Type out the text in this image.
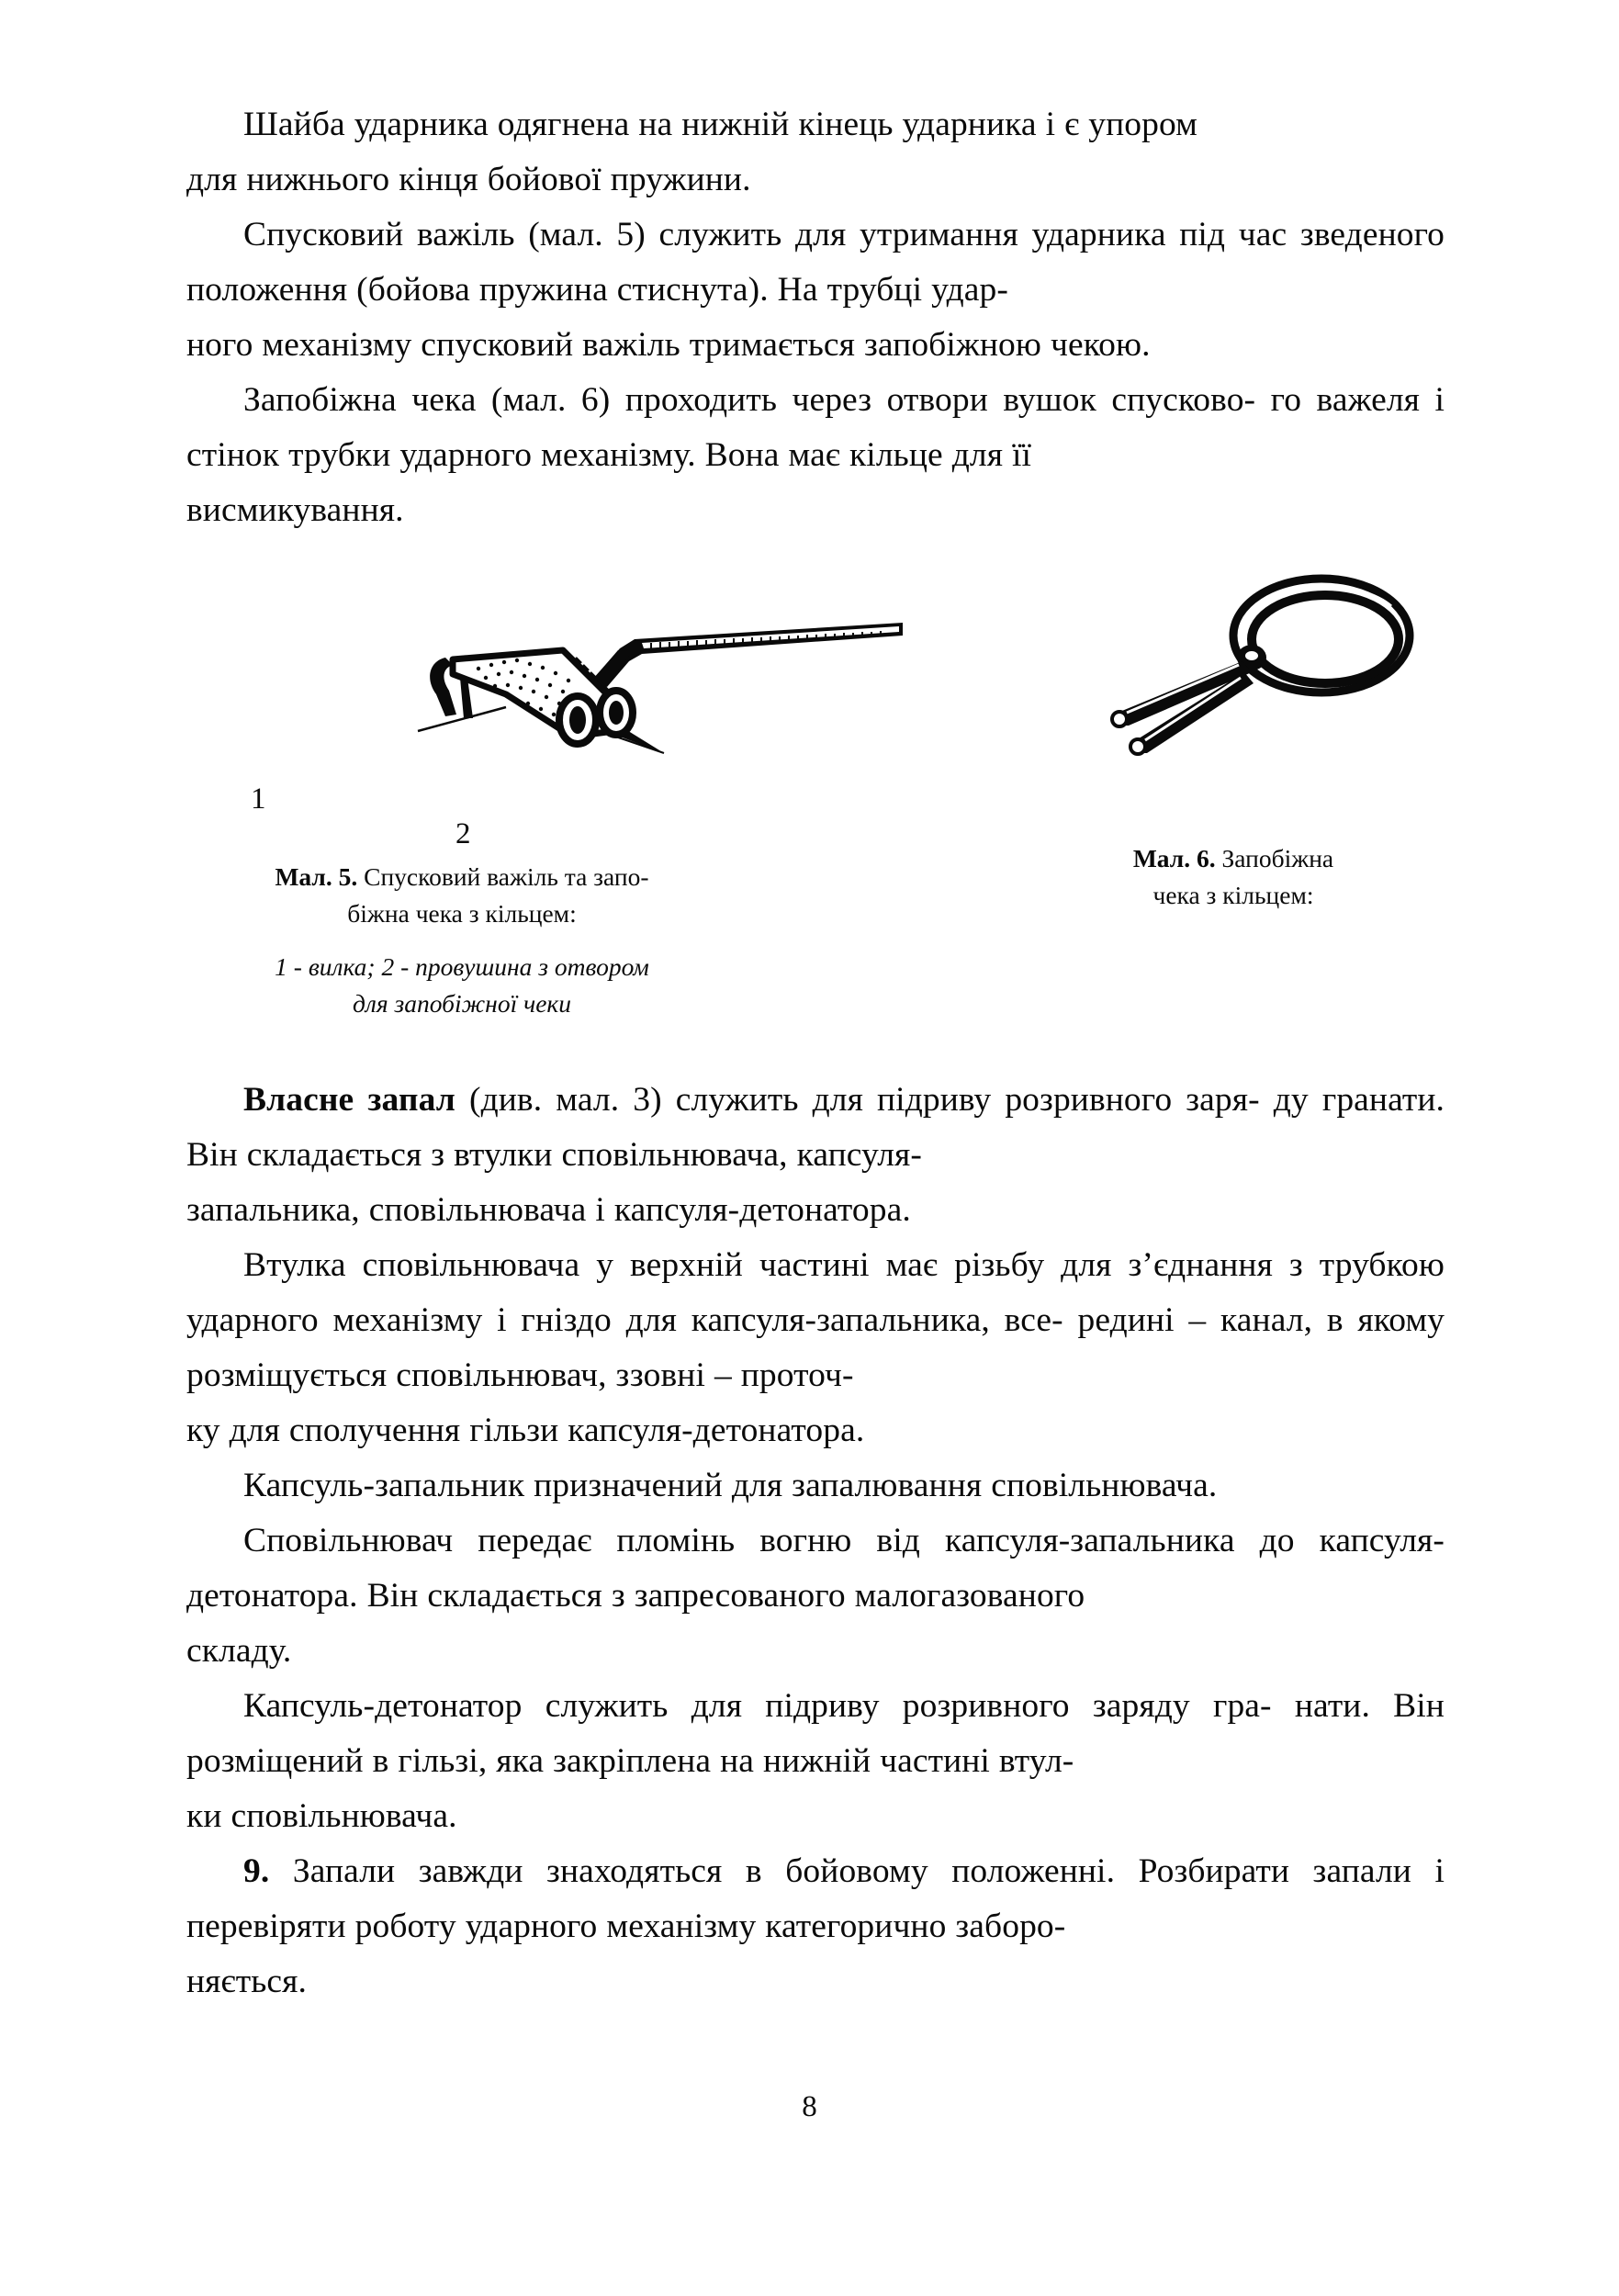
Шайба ударника одягнена на нижній кінець ударника і є упором
для нижнього кінця бойової пружини.

Спусковий важіль (мал. 5) служить для утримання ударника під час зведеного положення (бойова пружина стиснута). На трубці удар-
ного механізму спусковий важіль тримається запобіжною чекою.

Запобіжна чека (мал. 6) проходить через отвори вушок спусково- го важеля і стінок трубки ударного механізму. Вона має кільце для її
висмикування.

1
2
Мал. 5. Спусковий важіль та запо-
біжна чека з кільцем:
1 - вилка; 2 - провушина з отвором
для запобіжної чеки
Мал. 6. Запобіжна
чека з кільцем:

Власне запал (див. мал. 3) служить для підриву розривного заря- ду гранати. Він складається з втулки сповільнювача, капсуля-
запальника, сповільнювача і капсуля-детонатора.

Втулка сповільнювача у верхній частині має різьбу для з’єднання з трубкою ударного механізму і гніздо для капсуля-запальника, все- редині – канал, в якому розміщується сповільнювач, ззовні – проточ-
ку для сполучення гільзи капсуля-детонатора.

Капсуль-запальник призначений для запалювання сповільнювача.

Сповільнювач передає пломінь вогню від капсуля-запальника до капсуля-детонатора. Він складається з запресованого малогазованого
складу.

Капсуль-детонатор служить для підриву розривного заряду гра- нати. Він розміщений в гільзі, яка закріплена на нижній частині втул-
ки сповільнювача.

9. Запали завжди знаходяться в бойовому положенні. Розбирати запали і перевіряти роботу ударного механізму категорично заборо-
няється.

8
